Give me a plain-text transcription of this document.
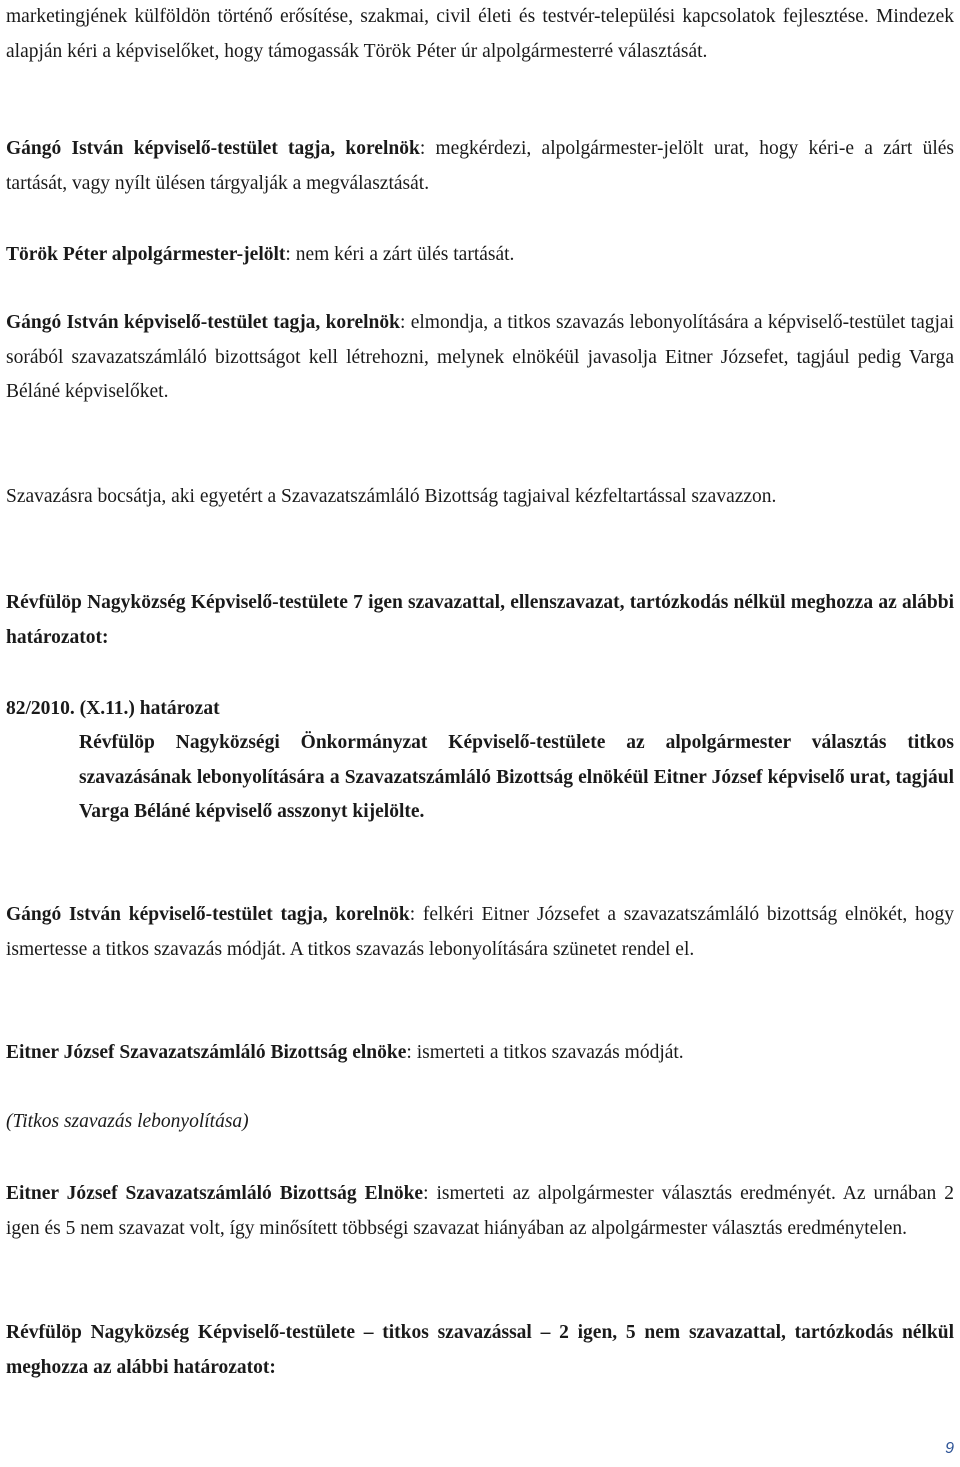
marketingjének külföldön történő erősítése, szakmai, civil életi és testvér-települési kapcsolatok fejlesztése. Mindezek alapján kéri a képviselőket, hogy támogassák Török Péter úr alpolgármesterré választását.

Gángó István képviselő-testület tagja, korelnök: megkérdezi, alpolgármester-jelölt urat, hogy kéri-e a zárt ülés tartását, vagy nyílt ülésen tárgyalják a megválasztását.

Török Péter alpolgármester-jelölt: nem kéri a zárt ülés tartását.

Gángó István képviselő-testület tagja, korelnök: elmondja, a titkos szavazás lebonyolítására a képviselő-testület tagjai sorából szavazatszámláló bizottságot kell létrehozni, melynek elnökéül javasolja Eitner Józsefet, tagjául pedig Varga Béláné képviselőket.

Szavazásra bocsátja, aki egyetért a Szavazatszámláló Bizottság tagjaival kézfeltartással szavazzon.

Révfülöp Nagyközség Képviselő-testülete 7 igen szavazattal, ellenszavazat, tartózkodás nélkül meghozza az alábbi határozatot:

82/2010. (X.11.) határozat
Révfülöp Nagyközségi Önkormányzat Képviselő-testülete az alpolgármester választás titkos szavazásának lebonyolítására a Szavazatszámláló Bizottság elnökéül Eitner József képviselő urat, tagjául Varga Béláné képviselő asszonyt kijelölte.

Gángó István képviselő-testület tagja, korelnök: felkéri Eitner Józsefet a szavazatszámláló bizottság elnökét, hogy ismertesse a titkos szavazás módját. A titkos szavazás lebonyolítására szünetet rendel el.

Eitner József Szavazatszámláló Bizottság elnöke: ismerteti a titkos szavazás módját.

(Titkos szavazás lebonyolítása)

Eitner József Szavazatszámláló Bizottság Elnöke: ismerteti az alpolgármester választás eredményét. Az urnában 2 igen és 5 nem szavazat volt, így minősített többségi szavazat hiányában az alpolgármester választás eredménytelen.

Révfülöp Nagyközség Képviselő-testülete – titkos szavazással – 2 igen, 5 nem szavazattal, tartózkodás nélkül meghozza az alábbi határozatot:

9
